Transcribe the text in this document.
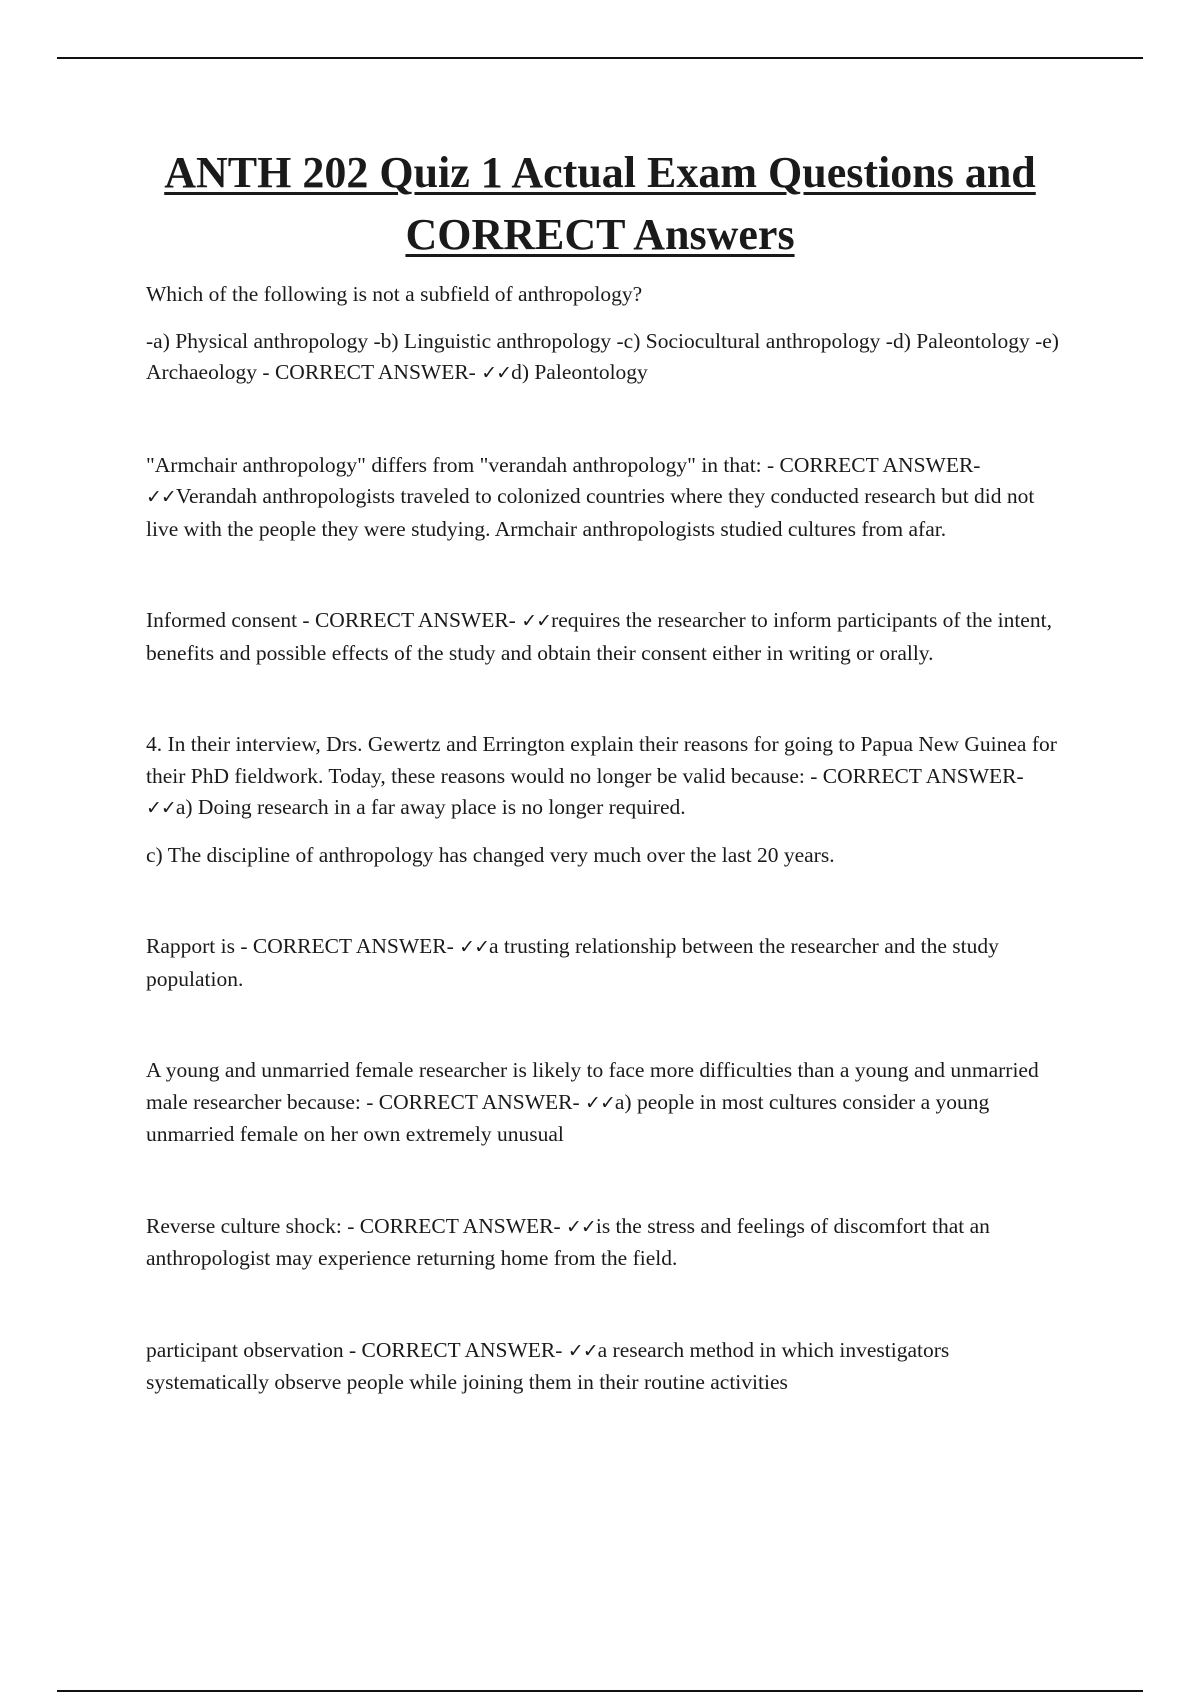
ANTH 202 Quiz 1 Actual Exam Questions and CORRECT Answers

Which of the following is not a subfield of anthropology?

-a) Physical anthropology -b) Linguistic anthropology -c) Sociocultural anthropology -d) Paleontology -e) Archaeology - CORRECT ANSWER- ✓✓d) Paleontology

"Armchair anthropology" differs from "verandah anthropology" in that: - CORRECT ANSWER- ✓✓Verandah anthropologists traveled to colonized countries where they conducted research but did not live with the people they were studying. Armchair anthropologists studied cultures from afar.

Informed consent - CORRECT ANSWER- ✓✓requires the researcher to inform participants of the intent, benefits and possible effects of the study and obtain their consent either in writing or orally.

4. In their interview, Drs. Gewertz and Errington explain their reasons for going to Papua New Guinea for their PhD fieldwork. Today, these reasons would no longer be valid because: - CORRECT ANSWER- ✓✓a) Doing research in a far away place is no longer required.

c) The discipline of anthropology has changed very much over the last 20 years.

Rapport is - CORRECT ANSWER- ✓✓a trusting relationship between the researcher and the study population.

A young and unmarried female researcher is likely to face more difficulties than a young and unmarried male researcher because: - CORRECT ANSWER- ✓✓a) people in most cultures consider a young unmarried female on her own extremely unusual

Reverse culture shock: - CORRECT ANSWER- ✓✓is the stress and feelings of discomfort that an anthropologist may experience returning home from the field.

participant observation - CORRECT ANSWER- ✓✓a research method in which investigators systematically observe people while joining them in their routine activities
